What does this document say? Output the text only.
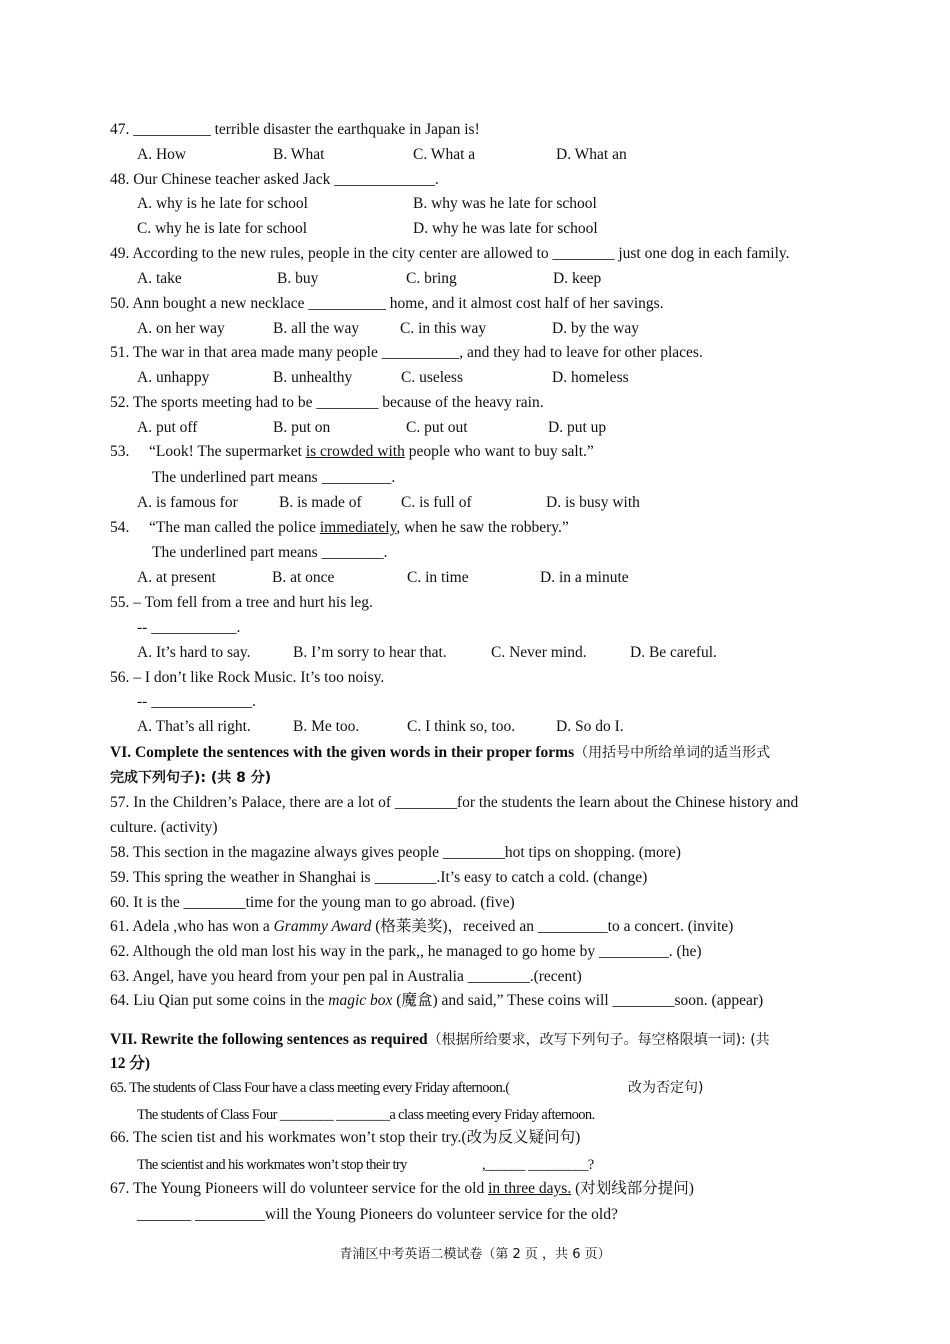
47. __________ terrible disaster the earthquake in Japan is!
A. How	B. What	C. What a	D. What an
48. Our Chinese teacher asked Jack _____________.
A. why is he late for school	B. why was he late for school
C. why he is late for school	D. why he was late for school
49. According to the new rules, people in the city center are allowed to ________ just one dog in each family.
A. take	B. buy	C. bring	D. keep
50. Ann bought a new necklace __________ home, and it almost cost half of her savings.
A. on her way	B. all the way	C. in this way	D. by the way
51. The war in that area made many people __________, and they had to leave for other places.
A. unhappy	B. unhealthy	C. useless	D. homeless
52. The sports meeting had to be ________ because of the heavy rain.
A. put off	B. put on	C. put out	D. put up
53. “Look! The supermarket is crowded with people who want to buy salt.”
The underlined part means _________.
A. is famous for	B. is made of	C. is full of	D. is busy with
54. “The man called the police immediately, when he saw the robbery.”
The underlined part means ________.
A. at present	B. at once	C. in time	D. in a minute
55. – Tom fell from a tree and hurt his leg.
-- ___________.
A. It’s hard to say.	B. I’m sorry to hear that.	C. Never mind.	D. Be careful.
56. – I don’t like Rock Music. It’s too noisy.
-- _____________.
A. That’s all right.	B. Me too.	C. I think so, too.	D. So do I.
VI. Complete the sentences with the given words in their proper forms（用括号中所给单词的适当形式
完成下列句子): (共 8 分)
57. In the Children’s Palace, there are a lot of ________for the students the learn about the Chinese history and
culture. (activity)
58. This section in the magazine always gives people ________hot tips on shopping. (more)
59. This spring the weather in Shanghai is ________.It’s easy to catch a cold. (change)
60. It is the ________time for the young man to go abroad. (five)
61. Adela ,who has won a Grammy Award (格莱美奖)，received an _________to a concert. (invite)
62. Although the old man lost his way in the park,, he managed to go home by _________. (he)
63. Angel, have you heard from your pen pal in Australia ________.(recent)
64. Liu Qian put some coins in the magic box (魔盒) and said,” These coins will ________soon. (appear)
VII. Rewrite the following sentences as required（根据所给要求，改写下列句子。每空格限填一词): (共
12 分)
65. The students of Class Four have a class meeting every Friday afternoon.(	改为否定句)
The students of Class Four ________ ________a class meeting every Friday afternoon.
66. The scien tist and his workmates won’t stop their try.(改为反义疑问句)
The scientist and his workmates won’t stop their try	,______ _________?
67. The Young Pioneers will do volunteer service for the old in three days. (对划线部分提问)
_______ _________will the Young Pioneers do volunteer service for the old?
青浦区中考英语二模试卷（第 2 页 ，共 6 页）
